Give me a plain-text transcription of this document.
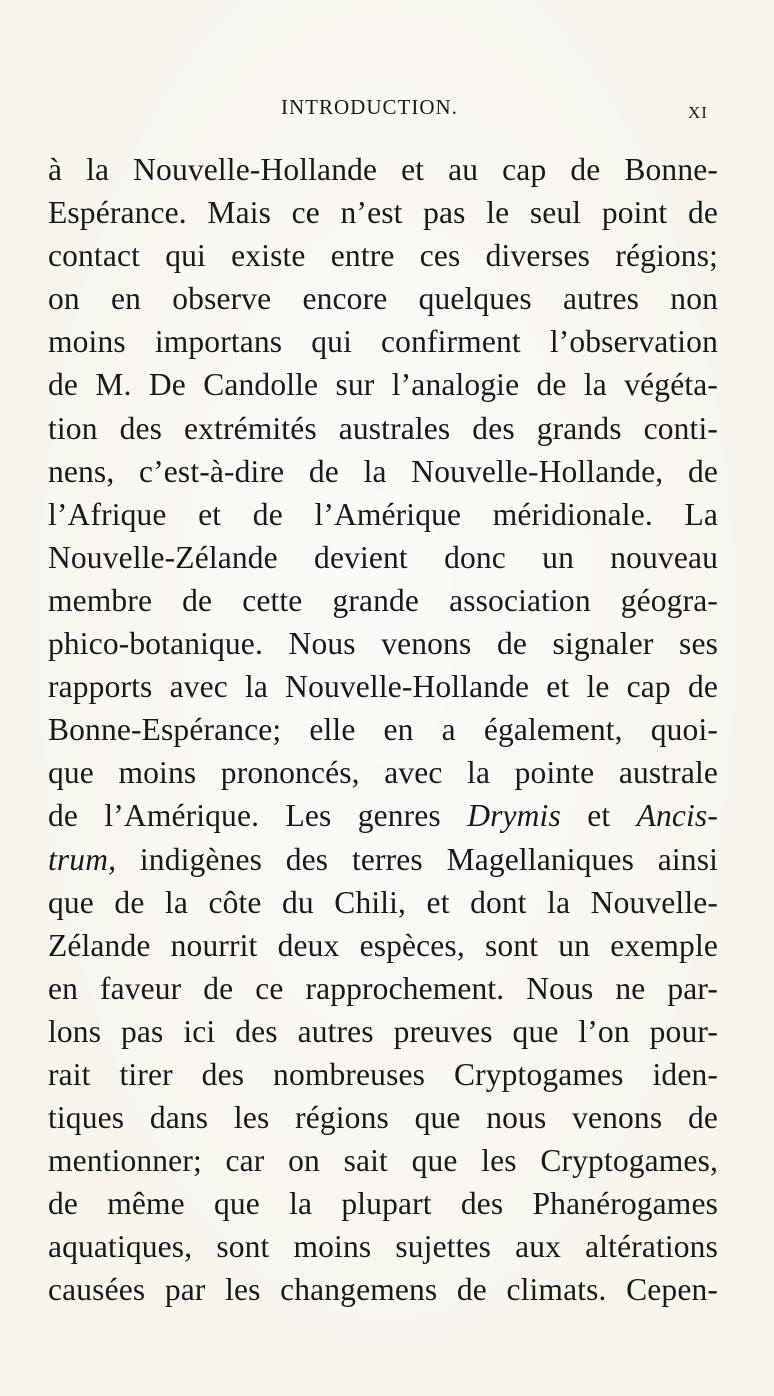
INTRODUCTION.	XI
à la Nouvelle-Hollande et au cap de Bonne-
Espérance. Mais ce n’est pas le seul point de
contact qui existe entre ces diverses régions;
on en observe encore quelques autres non
moins importans qui confirment l’observation
de M. De Candolle sur l’analogie de la végéta-
tion des extrémités australes des grands conti-
nens, c’est-à-dire de la Nouvelle-Hollande, de
l’Afrique et de l’Amérique méridionale. La
Nouvelle-Zélande devient donc un nouveau
membre de cette grande association géogra-
phico-botanique. Nous venons de signaler ses
rapports avec la Nouvelle-Hollande et le cap de
Bonne-Espérance; elle en a également, quoi-
que moins prononcés, avec la pointe australe
de l’Amérique. Les genres Drymis et Ancis-
trum, indigènes des terres Magellaniques ainsi
que de la côte du Chili, et dont la Nouvelle-
Zélande nourrit deux espèces, sont un exemple
en faveur de ce rapprochement. Nous ne par-
lons pas ici des autres preuves que l’on pour-
rait tirer des nombreuses Cryptogames iden-
tiques dans les régions que nous venons de
mentionner; car on sait que les Cryptogames,
de même que la plupart des Phanérogames
aquatiques, sont moins sujettes aux altérations
causées par les changemens de climats. Cepen-
